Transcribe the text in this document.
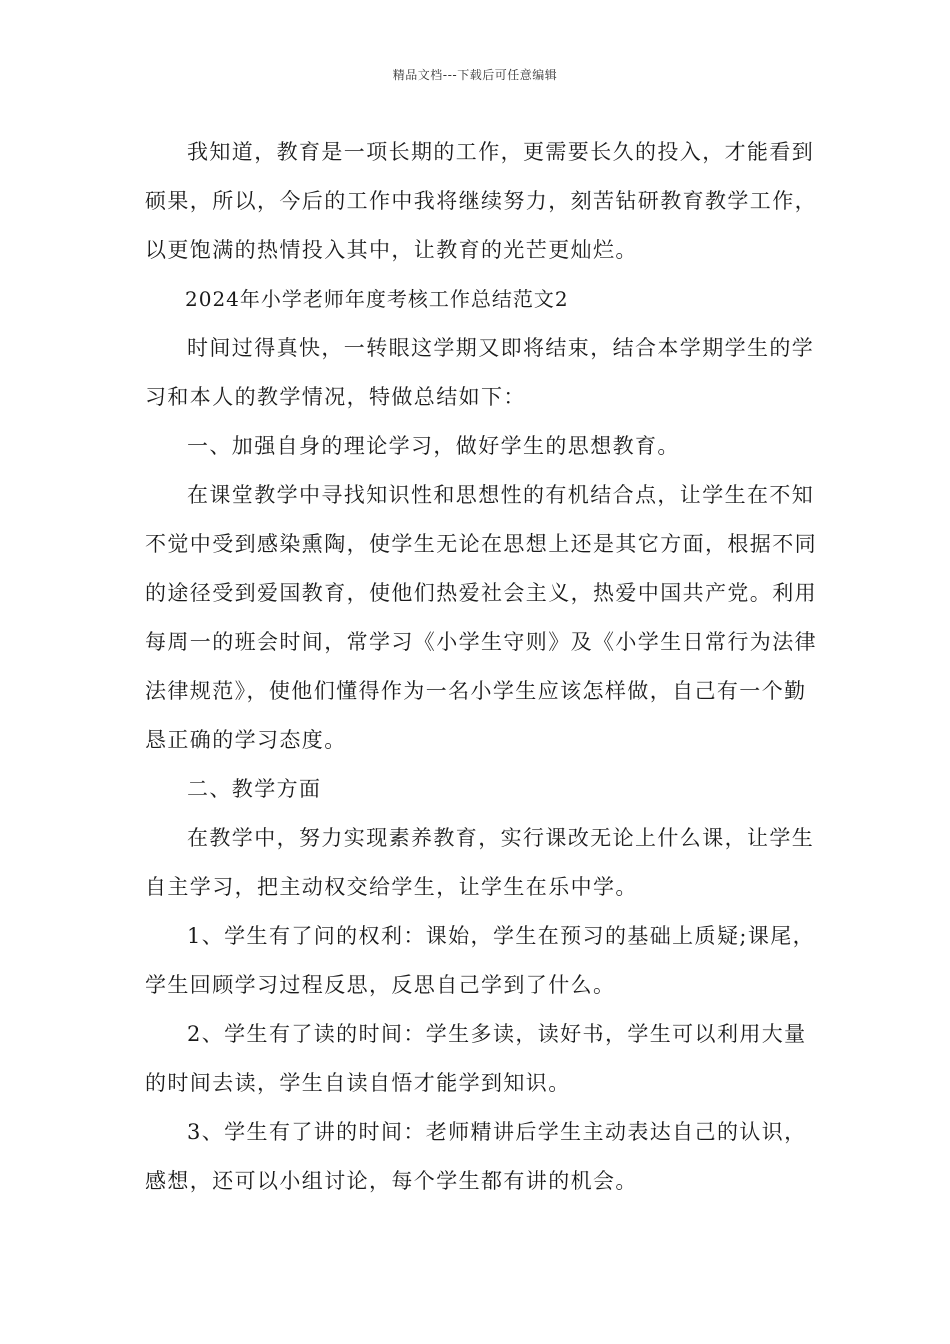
精品文档---下载后可任意编辑

我知道，教育是一项长期的工作，更需要长久的投入，才能看到硕果，所以，今后的工作中我将继续努力，刻苦钻研教育教学工作，以更饱满的热情投入其中，让教育的光芒更灿烂。

2024年小学老师年度考核工作总结范文2

时间过得真快，一转眼这学期又即将结束，结合本学期学生的学习和本人的教学情况，特做总结如下：

一、加强自身的理论学习，做好学生的思想教育。

在课堂教学中寻找知识性和思想性的有机结合点，让学生在不知不觉中受到感染熏陶，使学生无论在思想上还是其它方面，根据不同的途径受到爱国教育，使他们热爱社会主义，热爱中国共产党。利用每周一的班会时间，常学习《小学生守则》及《小学生日常行为法律法律规范》，使他们懂得作为一名小学生应该怎样做，自己有一个勤恳正确的学习态度。

二、教学方面

在教学中，努力实现素养教育，实行课改无论上什么课，让学生自主学习，把主动权交给学生，让学生在乐中学。

1、学生有了问的权利：课始，学生在预习的基础上质疑;课尾，学生回顾学习过程反思，反思自己学到了什么。

2、学生有了读的时间：学生多读，读好书，学生可以利用大量的时间去读，学生自读自悟才能学到知识。

3、学生有了讲的时间：老师精讲后学生主动表达自己的认识，感想，还可以小组讨论，每个学生都有讲的机会。
